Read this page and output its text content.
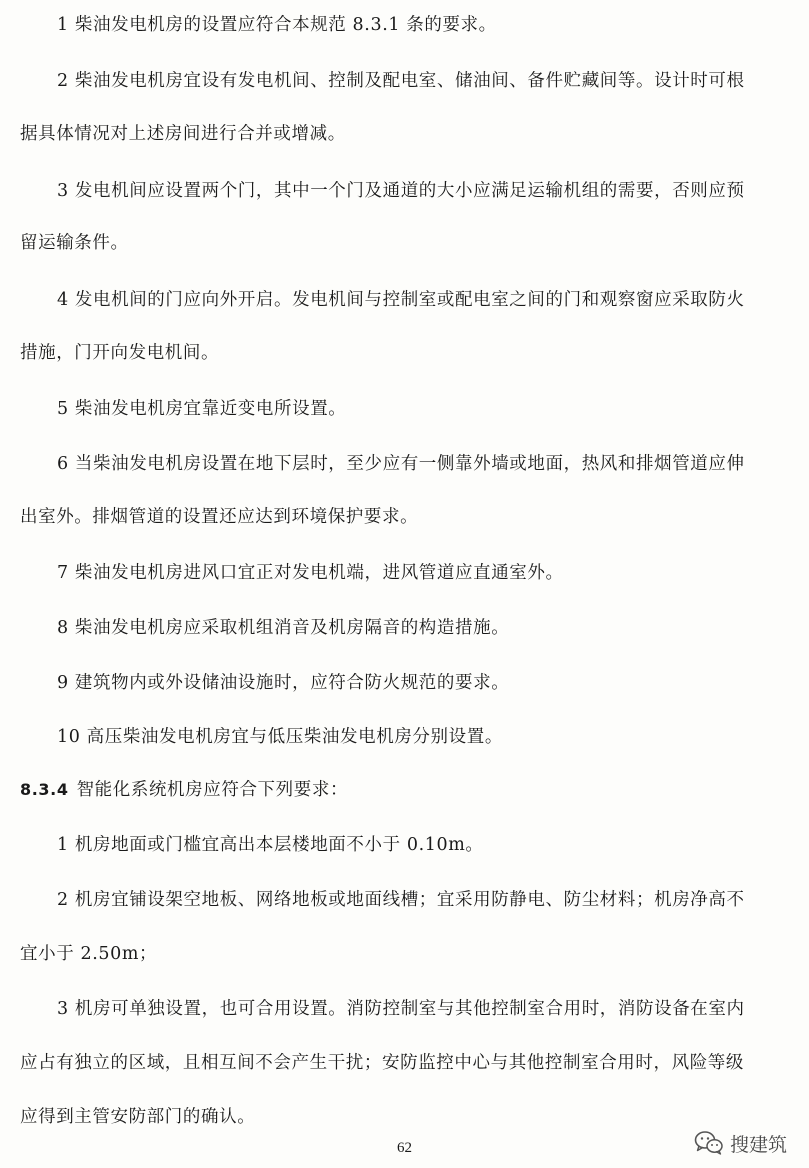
1 柴油发电机房的设置应符合本规范 8.3.1 条的要求。
2 柴油发电机房宜设有发电机间、控制及配电室、储油间、备件贮藏间等。设计时可根
据具体情况对上述房间进行合并或增减。
3 发电机间应设置两个门，其中一个门及通道的大小应满足运输机组的需要，否则应预
留运输条件。
4 发电机间的门应向外开启。发电机间与控制室或配电室之间的门和观察窗应采取防火
措施，门开向发电机间。
5 柴油发电机房宜靠近变电所设置。
6 当柴油发电机房设置在地下层时，至少应有一侧靠外墙或地面，热风和排烟管道应伸
出室外。排烟管道的设置还应达到环境保护要求。
7 柴油发电机房进风口宜正对发电机端，进风管道应直通室外。
8 柴油发电机房应采取机组消音及机房隔音的构造措施。
9 建筑物内或外设储油设施时，应符合防火规范的要求。
10 高压柴油发电机房宜与低压柴油发电机房分别设置。
8.3.4 智能化系统机房应符合下列要求：
1 机房地面或门槛宜高出本层楼地面不小于 0.10m。
2 机房宜铺设架空地板、网络地板或地面线槽；宜采用防静电、防尘材料；机房净高不
宜小于 2.50m；
3 机房可单独设置，也可合用设置。消防控制室与其他控制室合用时，消防设备在室内
应占有独立的区域，且相互间不会产生干扰；安防监控中心与其他控制室合用时，风险等级
应得到主管安防部门的确认。
62	搜建筑
